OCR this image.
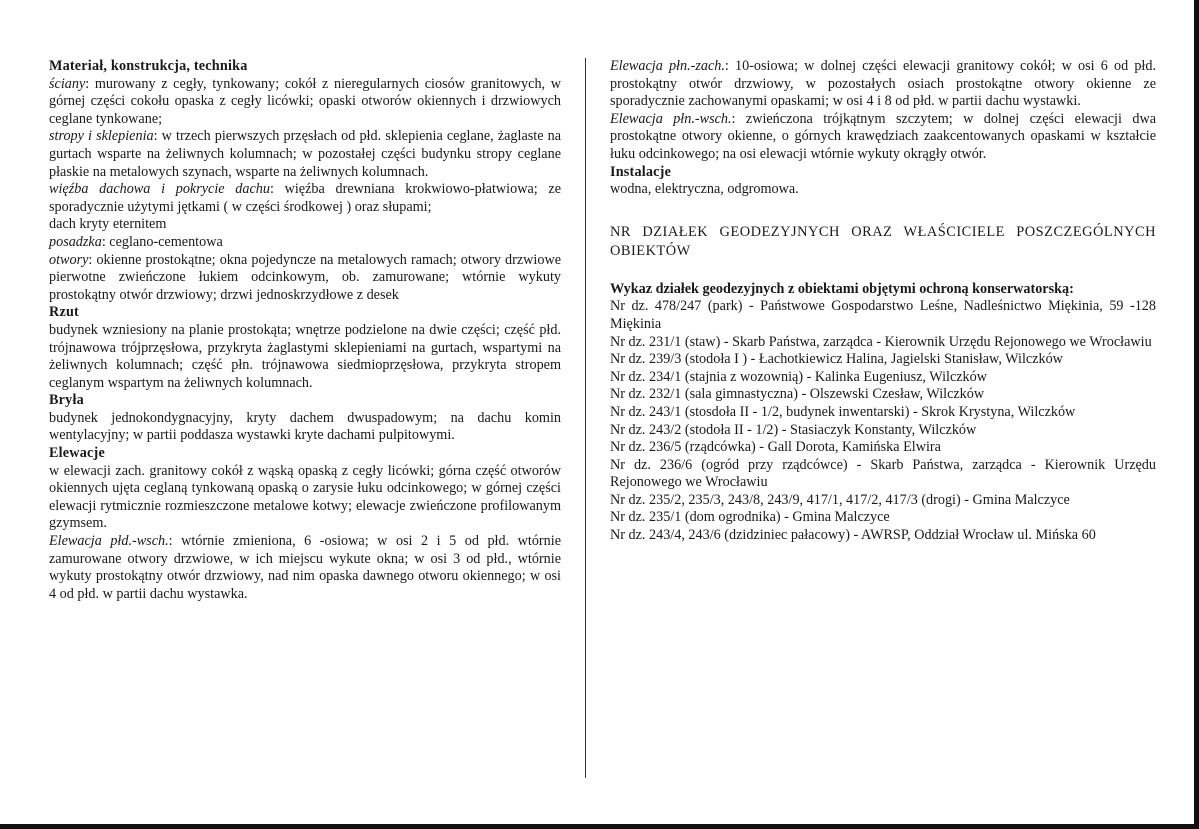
Materiał, konstrukcja, technika

ściany: murowany z cegły, tynkowany; cokół z nieregularnych ciosów granitowych, w górnej części cokołu opaska z cegły licówki; opaski otworów okiennych i drzwiowych ceglane tynkowane;

stropy i sklepienia: w trzech pierwszych przęsłach od płd. sklepienia ceglane, żaglaste na gurtach wsparte na żeliwnych kolumnach; w pozostałej części budynku stropy ceglane płaskie na metalowych szynach, wsparte na żeliwnych kolumnach.

więźba dachowa i pokrycie dachu: więźba drewniana krokwiowo-płatwiowa; ze sporadycznie użytymi jętkami ( w części środkowej ) oraz słupami;

dach kryty eternitem

posadzka: ceglano-cementowa

otwory: okienne prostokątne; okna pojedyncze na metalowych ramach; otwory drzwiowe pierwotne zwieńczone łukiem odcinkowym, ob. zamurowane; wtórnie wykuty prostokątny otwór drzwiowy; drzwi jednoskrzydłowe z desek

Rzut

budynek wzniesiony na planie prostokąta; wnętrze podzielone na dwie części; część płd. trójnawowa trójprzęsłowa, przykryta żaglastymi sklepieniami na gurtach, wspartymi na żeliwnych kolumnach; część płn. trójnawowa siedmioprzęsłowa, przykryta stropem ceglanym wspartym na żeliwnych kolumnach.

Bryła

budynek jednokondygnacyjny, kryty dachem dwuspadowym; na dachu komin wentylacyjny; w partii poddasza wystawki kryte dachami pulpitowymi.

Elewacje

w elewacji zach. granitowy cokół z wąską opaską z cegły licówki; górna część otworów okiennych ujęta ceglaną tynkowaną opaską o zarysie łuku odcinkowego; w górnej części elewacji rytmicznie rozmieszczone metalowe kotwy; elewacje zwieńczone profilowanym gzymsem.

Elewacja płd.-wsch.: wtórnie zmieniona, 6 -osiowa; w osi 2 i 5 od płd. wtórnie zamurowane otwory drzwiowe, w ich miejscu wykute okna; w osi 3 od płd., wtórnie wykuty prostokątny otwór drzwiowy, nad nim opaska dawnego otworu okiennego; w osi 4 od płd. w partii dachu wystawka.

Elewacja płn.-zach.: 10-osiowa; w dolnej części elewacji granitowy cokół; w osi 6 od płd. prostokątny otwór drzwiowy, w pozostałych osiach prostokątne otwory okienne ze sporadycznie zachowanymi opaskami; w osi 4 i 8 od płd. w partii dachu wystawki.

Elewacja płn.-wsch.: zwieńczona trójkątnym szczytem; w dolnej części elewacji dwa prostokątne otwory okienne, o górnych krawędziach zaakcentowanych opaskami w kształcie łuku odcinkowego; na osi elewacji wtórnie wykuty okrągły otwór.

Instalacje

wodna, elektryczna, odgromowa.

NR DZIAŁEK GEODEZYJNYCH ORAZ WŁAŚCICIELE POSZCZEGÓLNYCH OBIEKTÓW

Wykaz działek geodezyjnych z obiektami objętymi ochroną konserwatorską:

Nr dz. 478/247 (park) - Państwowe Gospodarstwo Leśne, Nadleśnictwo Miękinia, 59 -128 Miękinia

Nr dz. 231/1 (staw) - Skarb Państwa, zarządca - Kierownik Urzędu Rejonowego we Wrocławiu

Nr dz. 239/3 (stodoła I ) - Łachotkiewicz Halina, Jagielski Stanisław, Wilczków

Nr dz. 234/1 (stajnia z wozownią) - Kalinka Eugeniusz, Wilczków

Nr dz. 232/1 (sala gimnastyczna) - Olszewski Czesław, Wilczków

Nr dz. 243/1 (stosdoła II - 1/2, budynek inwentarski) - Skrok Krystyna, Wilczków

Nr dz. 243/2 (stodoła II - 1/2) - Stasiaczyk Konstanty, Wilczków

Nr dz. 236/5 (rządcówka) - Gall Dorota, Kamińska Elwira

Nr dz. 236/6 (ogród przy rządcówce) - Skarb Państwa, zarządca - Kierownik Urzędu Rejonowego we Wrocławiu

Nr dz. 235/2, 235/3, 243/8, 243/9, 417/1, 417/2, 417/3 (drogi) - Gmina Malczyce

Nr dz. 235/1 (dom ogrodnika) - Gmina Malczyce

Nr dz. 243/4, 243/6 (dzidziniec pałacowy) - AWRSP, Oddział Wrocław ul. Mińska 60
